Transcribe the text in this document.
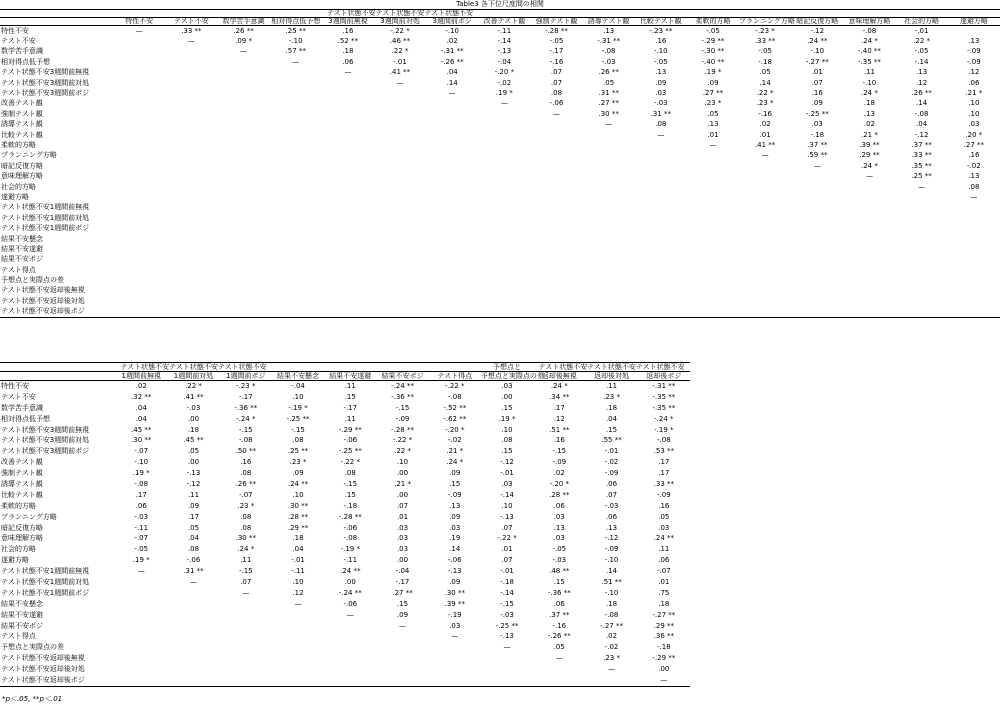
Table3 各下位尺度間の相関
					テスト状態不安テスト状態不安テスト状態不安												
	特性不安	テスト不安	数学苦手意識	相対得点低予想	3週間前無視	3週間前対処	3週間前ポジ	改善テスト観	強制テスト観	誘導テスト観	比較テスト観	柔軟的方略	プランニング方略	暗記反復方略	意味理解方略	社会的方略	遂避方略
特性不安	—	.33 **	.26 **	.25 **	.16	-.22 *	-.10	-.11	-.28 **	.13	-.23 **	-.05	-.23 *	-.12	-.08	-.01	
テスト不安		—	.09 *	-.10	.52 **	.46 **	.02	-.14	-.05	-.31 **	.16	-.29 **	.33 **	.24 **	.24 *	.22 *	.13
数学苦手意識			—	.57 **	.18	.22 *	-.31 **	-.13	-.17	-.08	-.10	-.30 **	-.05	-.10	-.40 **	-.05	-.09
相対得点低予想				—	.06	-.01	-.26 **	-.04	-.16	-.03	-.05	-.40 **	-.18	-.27 **	-.35 **	-.14	-.09
テスト状態不安3週間前無視					—	.41 **	.04	-.20 *	.07	.26 **	.13	.19 *	.05	.01	.11	.13	.12
テスト状態不安3週間前対処						—	.14	-.02	.07	.05	.09	.09	.14	.07	-.10	.12	.06
テスト状態不安3週間前ポジ							—	.19 *	.08	.31 **	.03	.27 **	.22 *	.16	.24 *	.26 **	.21 *
改善テスト観								—	-.06	.27 **	-.03	.23 *	.23 *	.09	.18	.14	.10
強制テスト観									—	.30 **	.31 **	.05	-.16	-.25 **	.13	-.08	.10
誘導テスト観										—	.08	.13	.02	.03	.02	.04	.03
比較テスト観											—	.01	.01	-.18	.21 *	-.12	.20 *
柔軟的方略												—	.41 **	.37 **	.39 **	.37 **	.27 **
プランニング方略													—	.59 **	.29 **	.33 **	.16
暗記反復方略														—	.24 *	.35 **	-.02
意味理解方略															—	.25 **	.13
社会的方略																—	.08
遂避方略																	—
テスト状態不安1週間前無視																	
テスト状態不安1週間前対処																	
テスト状態不安1週間前ポジ																	
結果不安懸念																	
結果不安遂避																	
結果不安ポジ																	
テスト得点																	
予想点と実際点の差																	
テスト状態不安返却後無視																	
テスト状態不安返却後対処																	
テスト状態不安返却後ポジ																	
	テスト状態不安テスト状態不安テスト状態不安							予想点と	テスト状態不安テスト状態不安テスト状態不安		
	1週間前無視	1週間前対処	1週間前ポジ	結果不安懸念	結果不安遂避	結果不安ポジ	テスト得点	予想点と実際点の差	返却後無視	返却後対処	返却後ポジ
特性不安	.02	.22 *	-.23 *	-.04	.11	-.24 **	-.22 *	.03	.24 *	.11	-.31 **
テスト不安	.32 **	.41 **	-.17	.10	.15	-.36 **	-.08	.00	.34 **	.23 *	-.35 **
数学苦手意識	.04	-.03	-.36 **	-.19 *	-.17	-.15	-.52 **	.15	.17	.18	-.35 **
相対得点低予想	.04	.00	-.24 *	-.25 **	.11	-.09	-.62 **	.19 *	.12	.04	-.24 *
テスト状態不安3週間前無視	.45 **	.18	-.15	-.15	-.29 **	-.28 **	-.20 *	.10	.51 **	.15	-.19 *
テスト状態不安3週間前対処	.30 **	.45 **	-.08	.08	-.06	-.22 *	-.02	.08	.16	.55 **	-.08
テスト状態不安3週間前ポジ	-.07	.05	.50 **	.25 **	-.25 **	.22 *	.21 *	.15	-.15	-.01	.53 **
改善テスト観	-.10	.00	.16	.23 *	-.22 *	.10	.24 *	-.12	-.09	-.02	.17
強制テスト観	.19 *	-.13	.08	.09	.08	.00	.09	-.01	.02	-.09	.17
誘導テスト観	-.08	-.12	.26 **	.24 **	-.15	.21 *	.15	.03	-.20 *	.06	.33 **
比較テスト観	.17	.11	-.07	.10	.15	.00	-.09	-.14	.28 **	.07	-.09
柔軟的方略	.06	.09	.23 *	.30 **	-.18	.07	.13	.10	.06	-.03	.16
プランニング方略	-.03	.17	.08	.28 **	-.28 **	.01	.09	-.13	.03	.06	.05
暗記反復方略	-.11	.05	.08	.29 **	-.06	.03	.03	.07	.13	.13	.03
意味理解方略	-.07	.04	.30 **	.18	-.08	.03	.19	-.22 *	.03	-.12	.24 **
社会的方略	-.05	.08	.24 *	.04	-.19 *	.03	.14	.01	-.05	-.09	.11
遂避方略	.19 *	-.06	.11	-.01	-.11	.00	-.06	.07	-.03	-.10	.06
テスト状態不安1週間前無視	—	.31 **	-.15	-.11	.24 **	-.04	-.13	-.01	.48 **	.14	-.07
テスト状態不安1週間前対処		—	.07	.10	.00	-.17	.09	-.18	.15	.51 **	.01
テスト状態不安1週間前ポジ			—	.12	-.24 **	.27 **	.30 **	-.14	-.36 **	-.10	.75
結果不安懸念				—	-.06	.15	.39 **	-.15	.06	.18	.18
結果不安遂避					—	.09	-.19	-.03	.37 **	-.08	-.27 **
結果不安ポジ						—	.03	-.25 **	-.16	-.27 **	.29 **
テスト得点							—	-.13	-.26 **	.02	.36 **
予想点と実際点の差								—	.05	-.02	-.18
テスト状態不安返却後無視									—	.23 *	-.29 **
テスト状態不安返却後対処										—	.00
テスト状態不安返却後ポジ											—
*p＜.05, **p＜.01
